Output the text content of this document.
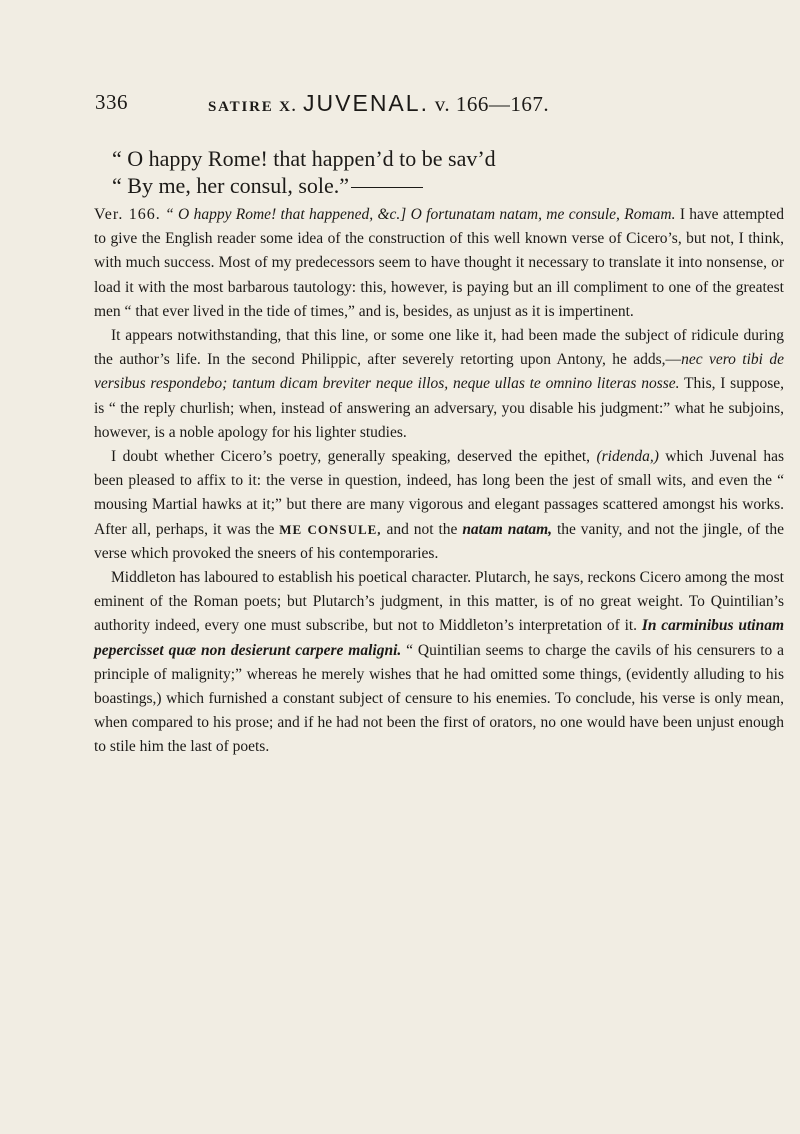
336	SATIRE X. JUVENAL. v. 166—167.
“ O happy Rome! that happen’d to be sav’d
“ By me, her consul, sole.”

Ver. 166. “ O happy Rome! that happened, &c.] O fortunatam natam, me consule, Romam. I have attempted to give the English reader some idea of the construction of this well known verse of Cicero’s, but not, I think, with much success. Most of my predecessors seem to have thought it necessary to translate it into nonsense, or load it with the most barbarous tautology: this, however, is paying but an ill compliment to one of the greatest men “ that ever lived in the tide of times,” and is, besides, as unjust as it is impertinent.

It appears notwithstanding, that this line, or some one like it, had been made the subject of ridicule during the author’s life. In the second Philippic, after severely retorting upon Antony, he adds,—nec vero tibi de versibus respondebo; tantum dicam breviter neque illos, neque ullas te omnino literas nosse. This, I suppose, is “ the reply churlish; when, instead of answering an adversary, you disable his judgment:” what he subjoins, however, is a noble apology for his lighter studies.

I doubt whether Cicero’s poetry, generally speaking, deserved the epithet, (ridenda,) which Juvenal has been pleased to affix to it: the verse in question, indeed, has long been the jest of small wits, and even the “ mousing Martial hawks at it;” but there are many vigorous and elegant passages scattered amongst his works. After all, perhaps, it was the ME CONSULE, and not the natam natam, the vanity, and not the jingle, of the verse which provoked the sneers of his contemporaries.

Middleton has laboured to establish his poetical character. Plutarch, he says, reckons Cicero among the most eminent of the Roman poets; but Plutarch’s judgment, in this matter, is of no great weight. To Quintilian’s authority indeed, every one must subscribe, but not to Middleton’s interpretation of it. In carminibus utinam pepercisset quæ non desierunt carpere maligni. “ Quintilian seems to charge the cavils of his censurers to a principle of malignity;” whereas he merely wishes that he had omitted some things, (evidently alluding to his boastings,) which furnished a constant subject of censure to his enemies. To conclude, his verse is only mean, when compared to his prose; and if he had not been the first of orators, no one would have been unjust enough to stile him the last of poets.
